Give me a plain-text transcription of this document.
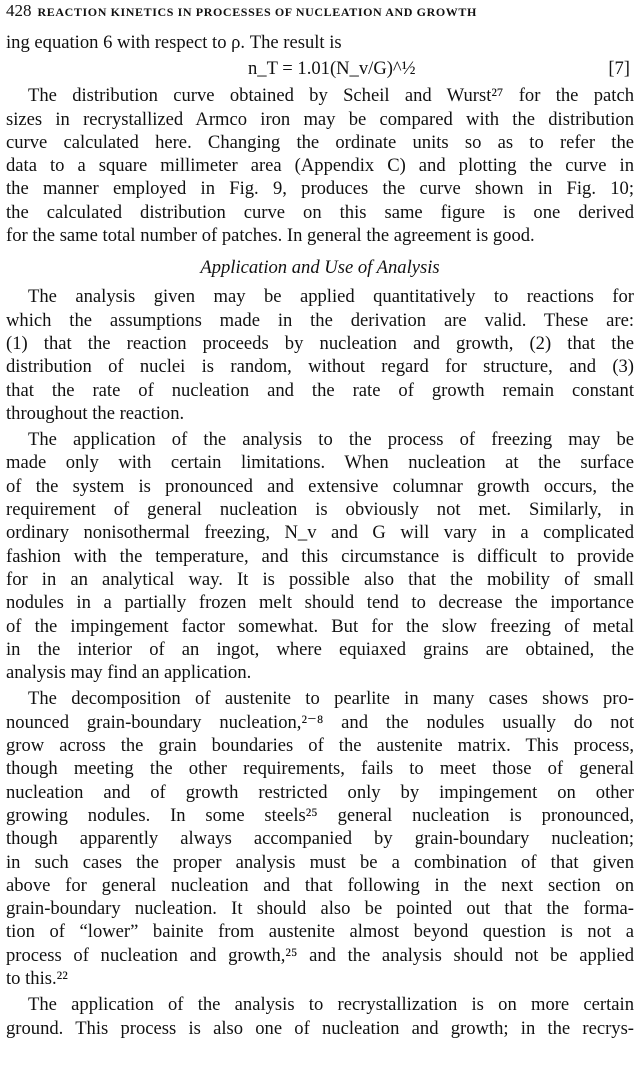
428 REACTION KINETICS IN PROCESSES OF NUCLEATION AND GROWTH
ing equation 6 with respect to ρ. The result is
n_T = 1.01(N_v/G)^½	[7]
The distribution curve obtained by Scheil and Wurst²⁷ for the patch
sizes in recrystallized Armco iron may be compared with the distribution
curve calculated here. Changing the ordinate units so as to refer the
data to a square millimeter area (Appendix C) and plotting the curve in
the manner employed in Fig. 9, produces the curve shown in Fig. 10;
the calculated distribution curve on this same figure is one derived
for the same total number of patches. In general the agreement is good.
Application and Use of Analysis
The analysis given may be applied quantitatively to reactions for
which the assumptions made in the derivation are valid. These are:
(1) that the reaction proceeds by nucleation and growth, (2) that the
distribution of nuclei is random, without regard for structure, and (3)
that the rate of nucleation and the rate of growth remain constant
throughout the reaction.
The application of the analysis to the process of freezing may be
made only with certain limitations. When nucleation at the surface
of the system is pronounced and extensive columnar growth occurs, the
requirement of general nucleation is obviously not met. Similarly, in
ordinary nonisothermal freezing, N_v and G will vary in a complicated
fashion with the temperature, and this circumstance is difficult to provide
for in an analytical way. It is possible also that the mobility of small
nodules in a partially frozen melt should tend to decrease the importance
of the impingement factor somewhat. But for the slow freezing of metal
in the interior of an ingot, where equiaxed grains are obtained, the
analysis may find an application.
The decomposition of austenite to pearlite in many cases shows pro-
nounced grain-boundary nucleation,²⁻⁸ and the nodules usually do not
grow across the grain boundaries of the austenite matrix. This process,
though meeting the other requirements, fails to meet those of general
nucleation and of growth restricted only by impingement on other
growing nodules. In some steels²⁵ general nucleation is pronounced,
though apparently always accompanied by grain-boundary nucleation;
in such cases the proper analysis must be a combination of that given
above for general nucleation and that following in the next section on
grain-boundary nucleation. It should also be pointed out that the forma-
tion of “lower” bainite from austenite almost beyond question is not a
process of nucleation and growth,²⁵ and the analysis should not be applied
to this.²²
The application of the analysis to recrystallization is on more certain
ground. This process is also one of nucleation and growth; in the recrys-
